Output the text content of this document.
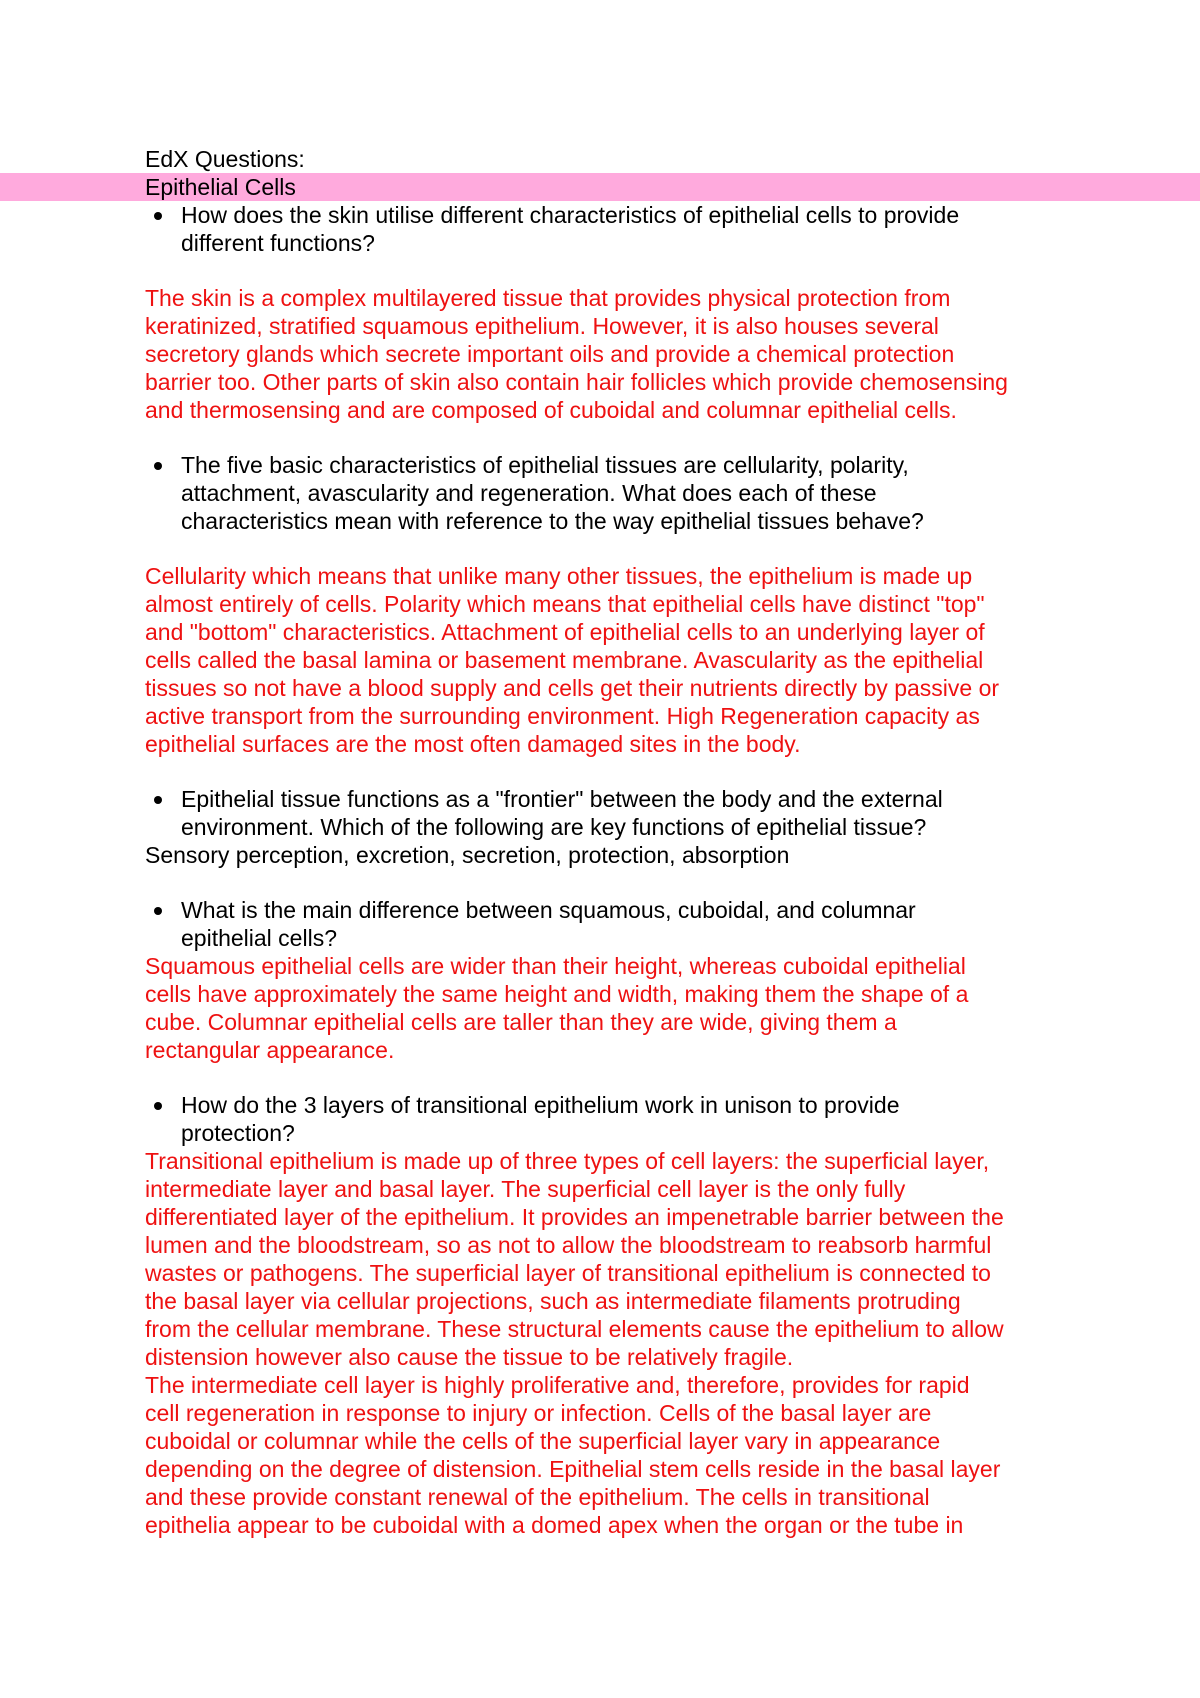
EdX Questions:
Epithelial Cells
How does the skin utilise different characteristics of epithelial cells to provide
different functions?
The skin is a complex multilayered tissue that provides physical protection from
keratinized, stratified squamous epithelium. However, it is also houses several
secretory glands which secrete important oils and provide a chemical protection
barrier too. Other parts of skin also contain hair follicles which provide chemosensing
and thermosensing and are composed of cuboidal and columnar epithelial cells.
The five basic characteristics of epithelial tissues are cellularity, polarity,
attachment, avascularity and regeneration. What does each of these
characteristics mean with reference to the way epithelial tissues behave?
Cellularity which means that unlike many other tissues, the epithelium is made up
almost entirely of cells. Polarity which means that epithelial cells have distinct "top"
and "bottom" characteristics. Attachment of epithelial cells to an underlying layer of
cells called the basal lamina or basement membrane. Avascularity as the epithelial
tissues so not have a blood supply and cells get their nutrients directly by passive or
active transport from the surrounding environment. High Regeneration capacity as
epithelial surfaces are the most often damaged sites in the body.
Epithelial tissue functions as a "frontier" between the body and the external
environment. Which of the following are key functions of epithelial tissue?
Sensory perception, excretion, secretion, protection, absorption
What is the main difference between squamous, cuboidal, and columnar
epithelial cells?
Squamous epithelial cells are wider than their height, whereas cuboidal epithelial
cells have approximately the same height and width, making them the shape of a
cube. Columnar epithelial cells are taller than they are wide, giving them a
rectangular appearance.
How do the 3 layers of transitional epithelium work in unison to provide
protection?
Transitional epithelium is made up of three types of cell layers: the superficial layer,
intermediate layer and basal layer. The superficial cell layer is the only fully
differentiated layer of the epithelium. It provides an impenetrable barrier between the
lumen and the bloodstream, so as not to allow the bloodstream to reabsorb harmful
wastes or pathogens. The superficial layer of transitional epithelium is connected to
the basal layer via cellular projections, such as intermediate filaments protruding
from the cellular membrane. These structural elements cause the epithelium to allow
distension however also cause the tissue to be relatively fragile.
The intermediate cell layer is highly proliferative and, therefore, provides for rapid
cell regeneration in response to injury or infection. Cells of the basal layer are
cuboidal or columnar while the cells of the superficial layer vary in appearance
depending on the degree of distension. Epithelial stem cells reside in the basal layer
and these provide constant renewal of the epithelium. The cells in transitional
epithelia appear to be cuboidal with a domed apex when the organ or the tube in
